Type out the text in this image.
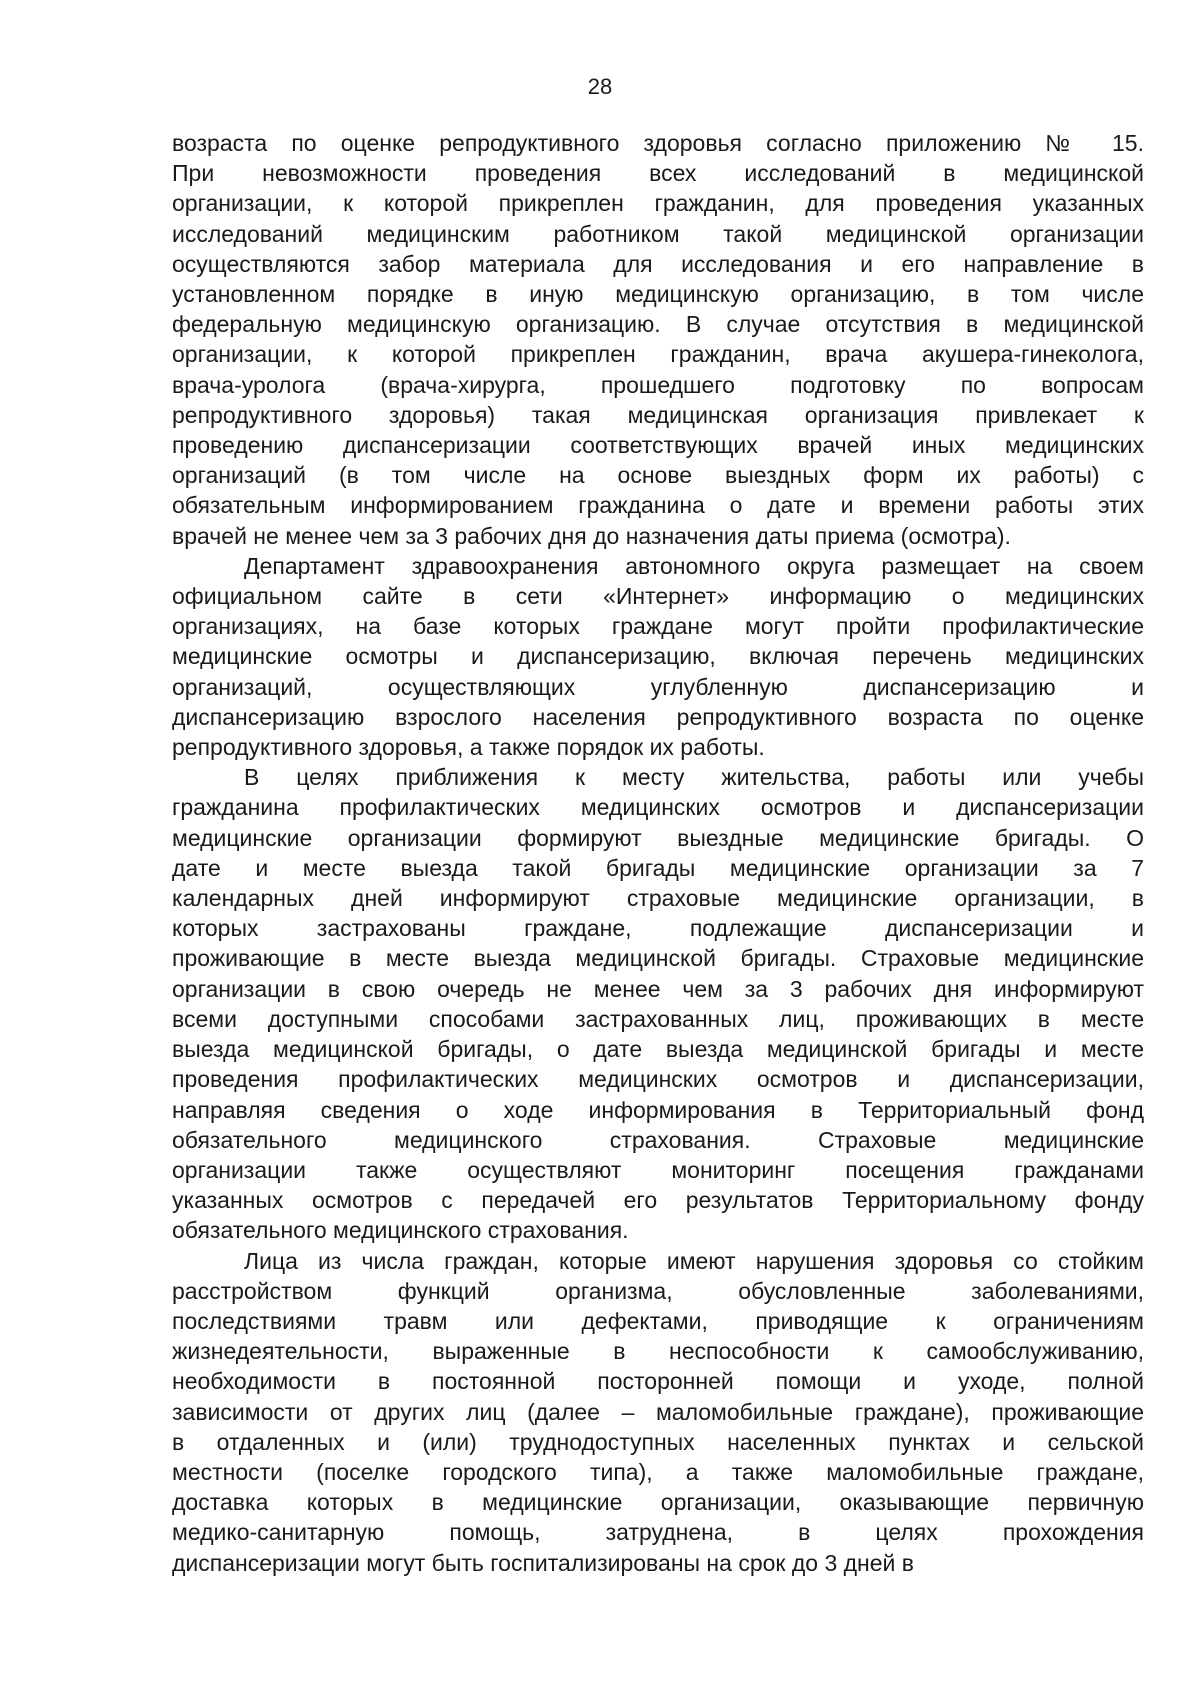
28

возраста по оценке репродуктивного здоровья согласно приложению № 15.

При невозможности проведения всех исследований в медицинской

организации, к которой прикреплен гражданин, для проведения указанных

исследований медицинским работником такой медицинской организации

осуществляются забор материала для исследования и его направление в

установленном порядке в иную медицинскую организацию, в том числе

федеральную медицинскую организацию. В случае отсутствия в медицинской

организации, к которой прикреплен гражданин, врача акушера-гинеколога,

врача-уролога (врача-хирурга, прошедшего подготовку по вопросам

репродуктивного здоровья) такая медицинская организация привлекает к

проведению диспансеризации соответствующих врачей иных медицинских

организаций (в том числе на основе выездных форм их работы) с

обязательным информированием гражданина о дате и времени работы этих

врачей не менее чем за 3 рабочих дня до назначения даты приема (осмотра).

Департамент здравоохранения автономного округа размещает на своем

официальном сайте в сети «Интернет» информацию о медицинских

организациях, на базе которых граждане могут пройти профилактические

медицинские осмотры и диспансеризацию, включая перечень медицинских

организаций, осуществляющих углубленную диспансеризацию и

диспансеризацию взрослого населения репродуктивного возраста по оценке

репродуктивного здоровья, а также порядок их работы.

В целях приближения к месту жительства, работы или учебы

гражданина профилактических медицинских осмотров и диспансеризации

медицинские организации формируют выездные медицинские бригады. О

дате и месте выезда такой бригады медицинские организации за 7

календарных дней информируют страховые медицинские организации, в

которых застрахованы граждане, подлежащие диспансеризации и

проживающие в месте выезда медицинской бригады. Страховые медицинские

организации в свою очередь не менее чем за 3 рабочих дня информируют

всеми доступными способами застрахованных лиц, проживающих в месте

выезда медицинской бригады, о дате выезда медицинской бригады и месте

проведения профилактических медицинских осмотров и диспансеризации,

направляя сведения о ходе информирования в Территориальный фонд

обязательного медицинского страхования. Страховые медицинские

организации также осуществляют мониторинг посещения гражданами

указанных осмотров с передачей его результатов Территориальному фонду

обязательного медицинского страхования.

Лица из числа граждан, которые имеют нарушения здоровья со стойким

расстройством функций организма, обусловленные заболеваниями,

последствиями травм или дефектами, приводящие к ограничениям

жизнедеятельности, выраженные в неспособности к самообслуживанию,

необходимости в постоянной посторонней помощи и уходе, полной

зависимости от других лиц (далее – маломобильные граждане), проживающие

в отдаленных и (или) труднодоступных населенных пунктах и сельской

местности (поселке городского типа), а также маломобильные граждане,

доставка которых в медицинские организации, оказывающие первичную

медико-санитарную помощь, затруднена, в целях прохождения

диспансеризации могут быть госпитализированы на срок до 3 дней в
